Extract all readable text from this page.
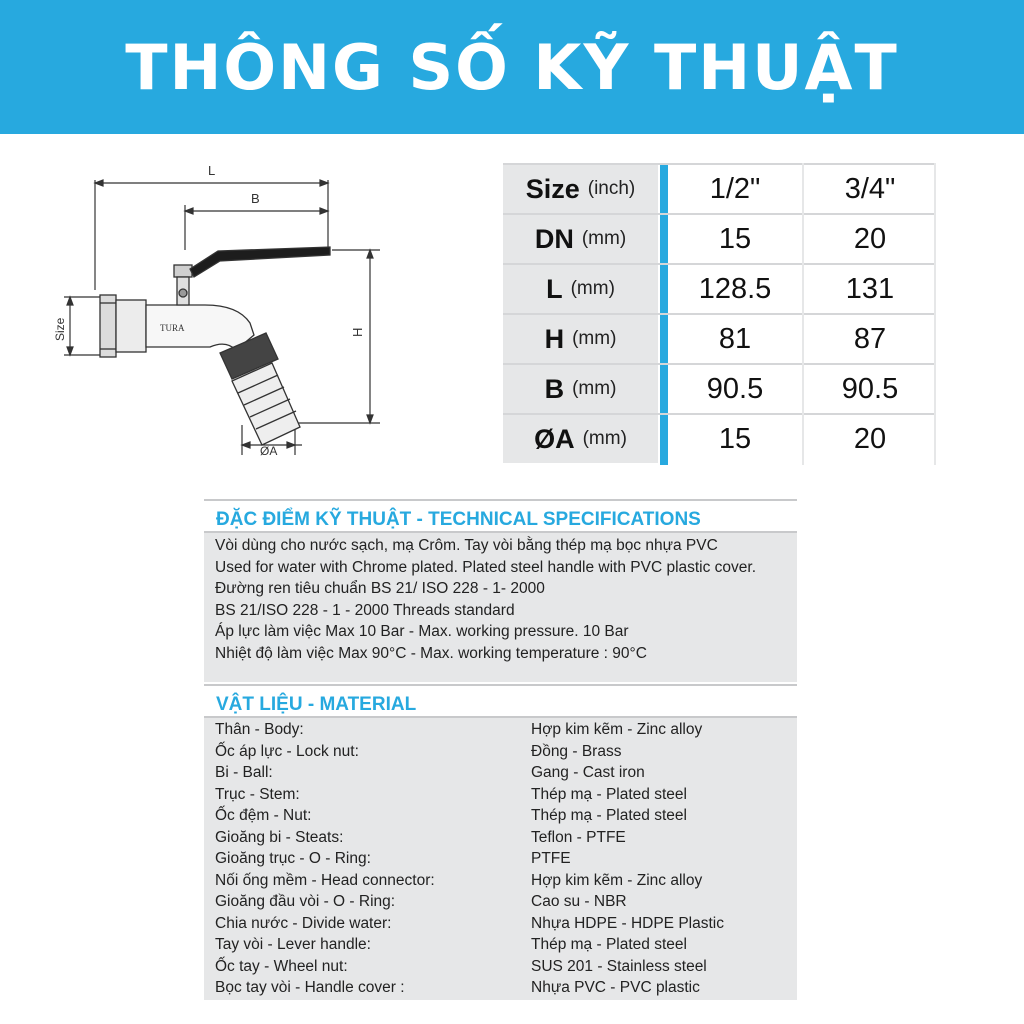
THÔNG SỐ KỸ THUẬT
L
B
H
Size
ØA
TURA
Size (inch)	1/2"	3/4"
DN (mm)	15	20
L (mm)	128.5	131
H (mm)	81	87
B (mm)	90.5	90.5
ØA (mm)	15	20
ĐẶC ĐIỂM KỸ THUẬT - TECHNICAL SPECIFICATIONS
Vòi dùng cho nước sạch, mạ Crôm. Tay vòi bằng thép mạ bọc nhựa PVC
Used for water with Chrome plated. Plated steel handle with PVC plastic cover.
Đường ren tiêu chuẩn BS 21/ ISO 228 - 1- 2000
BS 21/ISO 228 - 1 - 2000 Threads standard
Áp lực làm việc Max 10 Bar - Max. working pressure. 10 Bar
Nhiệt độ làm việc Max 90°C - Max. working temperature : 90°C
VẬT LIỆU - MATERIAL
Thân - Body:	Hợp kim kẽm - Zinc alloy
Ốc áp lực - Lock nut:	Đồng - Brass
Bi - Ball:	Gang - Cast iron
Trục - Stem:	Thép mạ - Plated steel
Ốc đệm - Nut:	Thép mạ - Plated steel
Gioăng bi - Steats:	Teflon - PTFE
Gioăng trục - O - Ring:	PTFE
Nối ống mềm - Head connector:	Hợp kim kẽm - Zinc alloy
Gioăng đầu vòi - O - Ring:	Cao su - NBR
Chia nước - Divide water:	Nhựa HDPE - HDPE Plastic
Tay vòi - Lever handle:	Thép mạ - Plated steel
Ốc tay - Wheel nut:	SUS 201 - Stainless steel
Bọc tay vòi - Handle cover :	Nhựa PVC - PVC plastic
